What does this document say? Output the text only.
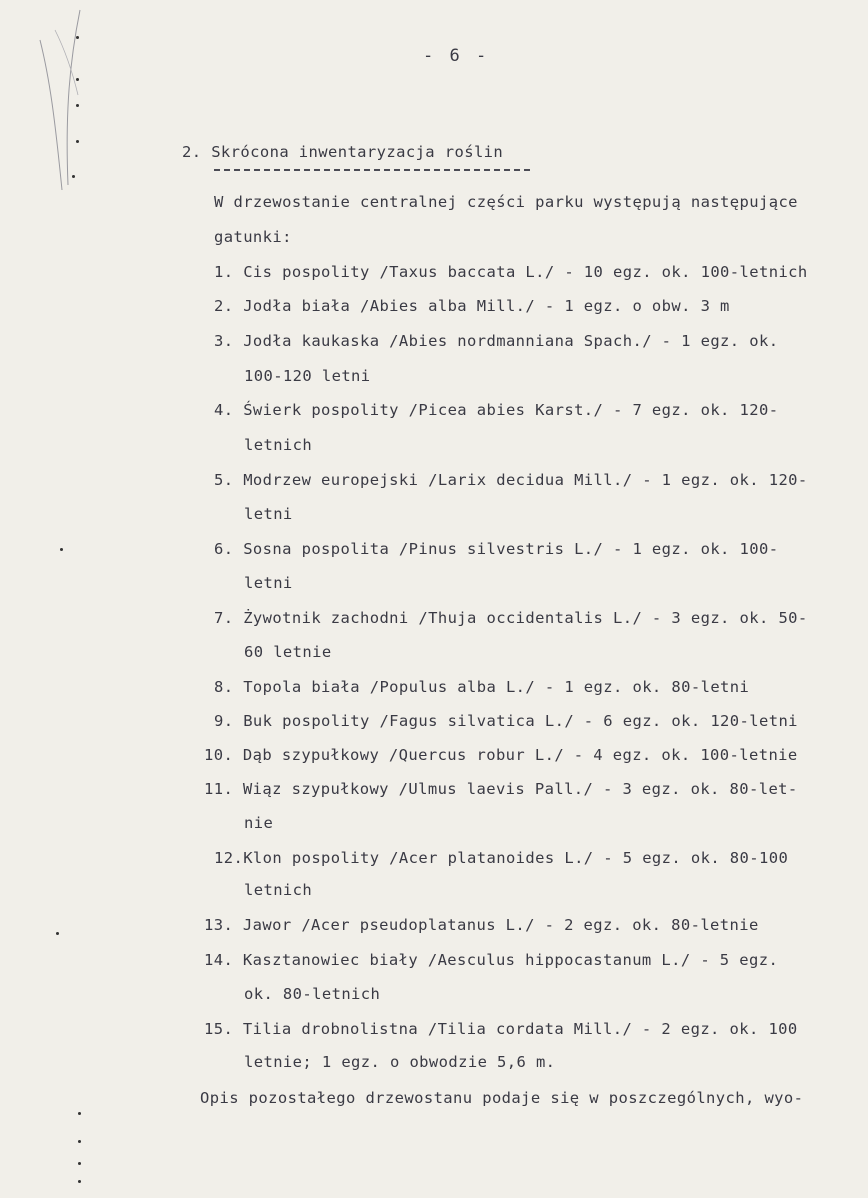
- 6 -
2. Skrócona inwentaryzacja roślin
W drzewostanie centralnej części parku występują następujące
gatunki:
1. Cis pospolity /Taxus baccata L./ - 10 egz. ok. 100-letnich
2. Jodła biała /Abies alba Mill./ - 1 egz. o obw. 3 m
3. Jodła kaukaska /Abies nordmanniana Spach./ - 1 egz. ok.
100-120 letni
4. Świerk pospolity /Picea abies Karst./ - 7 egz. ok. 120-
letnich
5. Modrzew europejski /Larix decidua Mill./ - 1 egz. ok. 120-
letni
6. Sosna pospolita /Pinus silvestris L./ - 1 egz. ok. 100-
letni
7. Żywotnik zachodni /Thuja occidentalis L./ - 3 egz. ok. 50-
60 letnie
8. Topola biała /Populus alba L./ - 1 egz. ok. 80-letni
9. Buk pospolity /Fagus silvatica L./ - 6 egz. ok. 120-letni
10. Dąb szypułkowy /Quercus robur L./ - 4 egz. ok. 100-letnie
11. Wiąz szypułkowy /Ulmus laevis Pall./ - 3 egz. ok. 80-let-
nie
12.Klon pospolity /Acer platanoides L./ - 5 egz. ok. 80-100
letnich
13. Jawor /Acer pseudoplatanus L./ - 2 egz. ok. 80-letnie
14. Kasztanowiec biały /Aesculus hippocastanum L./ - 5 egz.
ok. 80-letnich
15. Tilia drobnolistna /Tilia cordata Mill./ - 2 egz. ok. 100
letnie; 1 egz. o obwodzie 5,6 m.
Opis pozostałego drzewostanu podaje się w poszczególnych, wyo-
